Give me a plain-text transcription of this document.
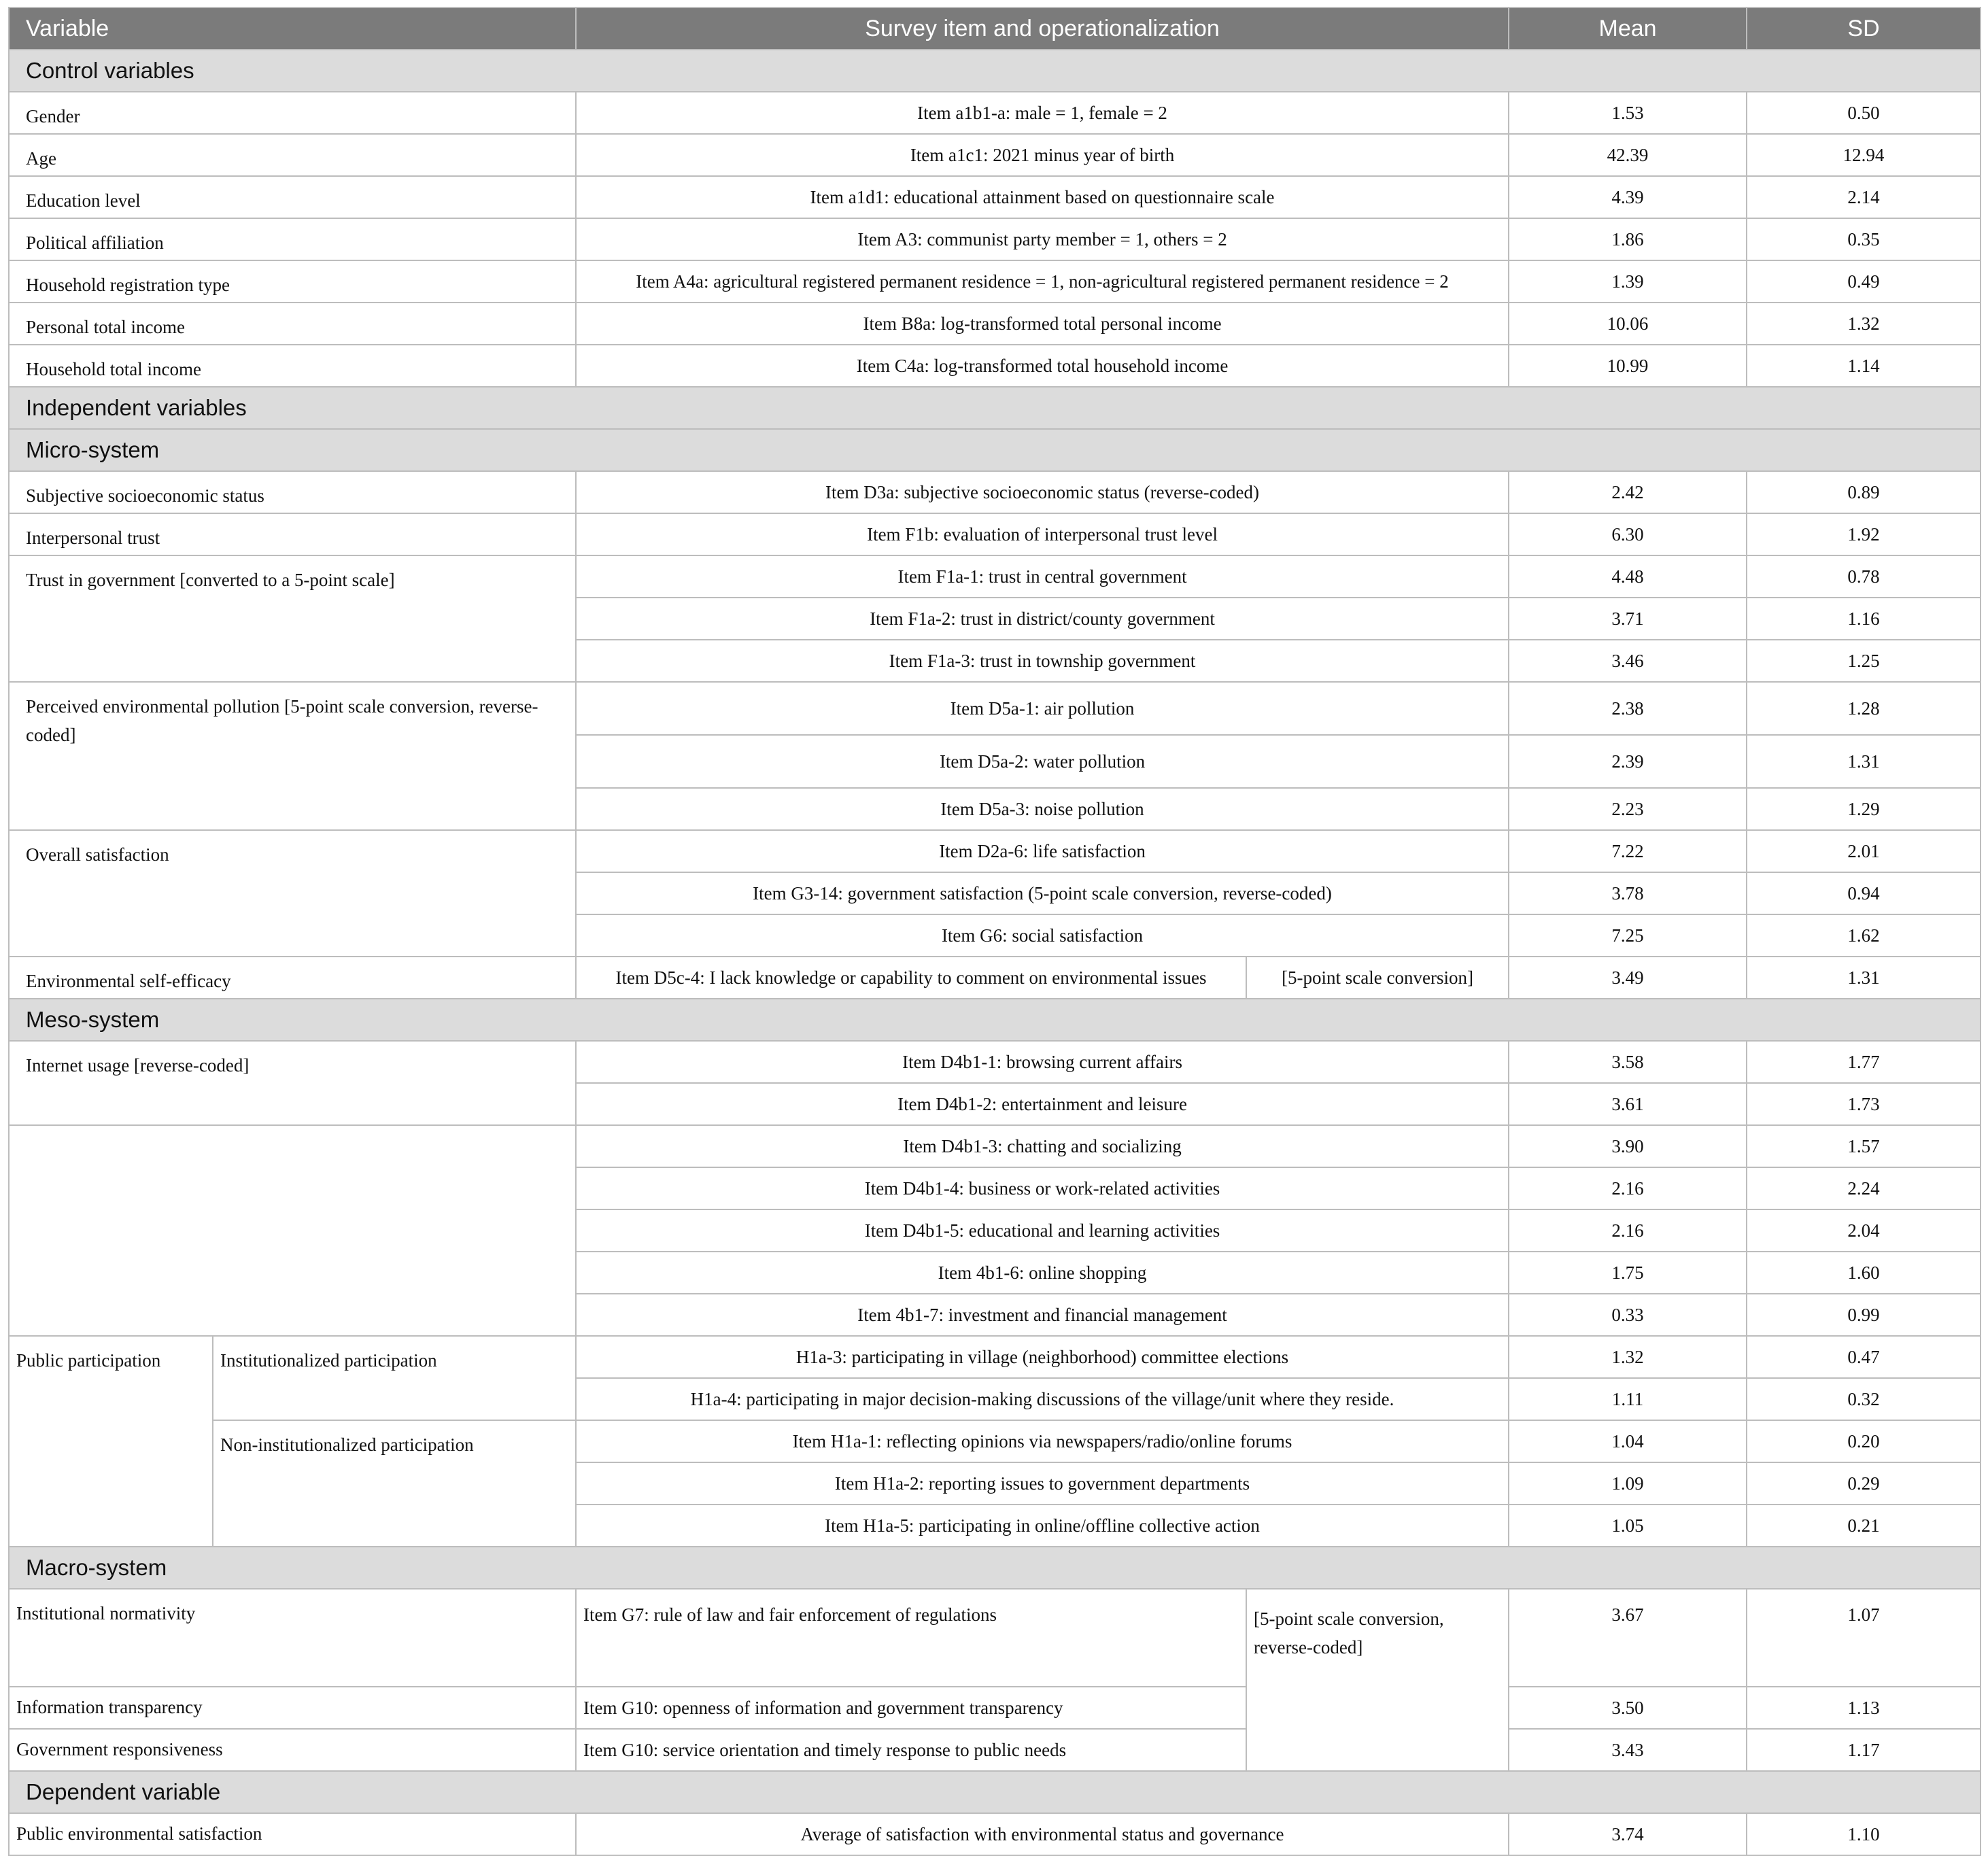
Variable		Survey item and operationalization		Mean	SD
Control variables					
Gender		Item a1b1-a: male = 1, female = 2		1.53	0.50
Age		Item a1c1: 2021 minus year of birth		42.39	12.94
Education level		Item a1d1: educational attainment based on questionnaire scale		4.39	2.14
Political affiliation		Item A3: communist party member = 1, others = 2		1.86	0.35
Household registration type		Item A4a: agricultural registered permanent residence = 1, non-agricultural registered permanent residence = 2		1.39	0.49
Personal total income		Item B8a: log-transformed total personal income		10.06	1.32
Household total income		Item C4a: log-transformed total household income		10.99	1.14
Independent variables					
Micro-system					
Subjective socioeconomic status		Item D3a: subjective socioeconomic status (reverse-coded)		2.42	0.89
Interpersonal trust		Item F1b: evaluation of interpersonal trust level		6.30	1.92
Trust in government [converted to a 5-point scale]		Item F1a-1: trust in central government		4.48	0.78
		Item F1a-2: trust in district/county government		3.71	1.16
		Item F1a-3: trust in township government		3.46	1.25
Perceived environmental pollution [5-point scale conversion, reverse-coded]		Item D5a-1: air pollution		2.38	1.28
		Item D5a-2: water pollution		2.39	1.31
		Item D5a-3: noise pollution		2.23	1.29
Overall satisfaction		Item D2a-6: life satisfaction		7.22	2.01
		Item G3-14: government satisfaction (5-point scale conversion, reverse-coded)		3.78	0.94
		Item G6: social satisfaction		7.25	1.62
Environmental self-efficacy		Item D5c-4: I lack knowledge or capability to comment on environmental issues	[5-point scale conversion]	3.49	1.31
Meso-system					
Internet usage [reverse-coded]		Item D4b1-1: browsing current affairs		3.58	1.77
		Item D4b1-2: entertainment and leisure		3.61	1.73
		Item D4b1-3: chatting and socializing		3.90	1.57
		Item D4b1-4: business or work-related activities		2.16	2.24
		Item D4b1-5: educational and learning activities		2.16	2.04
		Item 4b1-6: online shopping		1.75	1.60
		Item 4b1-7: investment and financial management		0.33	0.99
Public participation	Institutionalized participation	H1a-3: participating in village (neighborhood) committee elections		1.32	0.47
		H1a-4: participating in major decision-making discussions of the village/unit where they reside.		1.11	0.32
	Non-institutionalized participation	Item H1a-1: reflecting opinions via newspapers/radio/online forums		1.04	0.20
		Item H1a-2: reporting issues to government departments		1.09	0.29
		Item H1a-5: participating in online/offline collective action		1.05	0.21
Macro-system					
Institutional normativity		Item G7: rule of law and fair enforcement of regulations	[5-point scale conversion, reverse-coded]	3.67	1.07
Information transparency		Item G10: openness of information and government transparency		3.50	1.13
Government responsiveness		Item G10: service orientation and timely response to public needs		3.43	1.17
Dependent variable					
Public environmental satisfaction		Average of satisfaction with environmental status and governance		3.74	1.10
